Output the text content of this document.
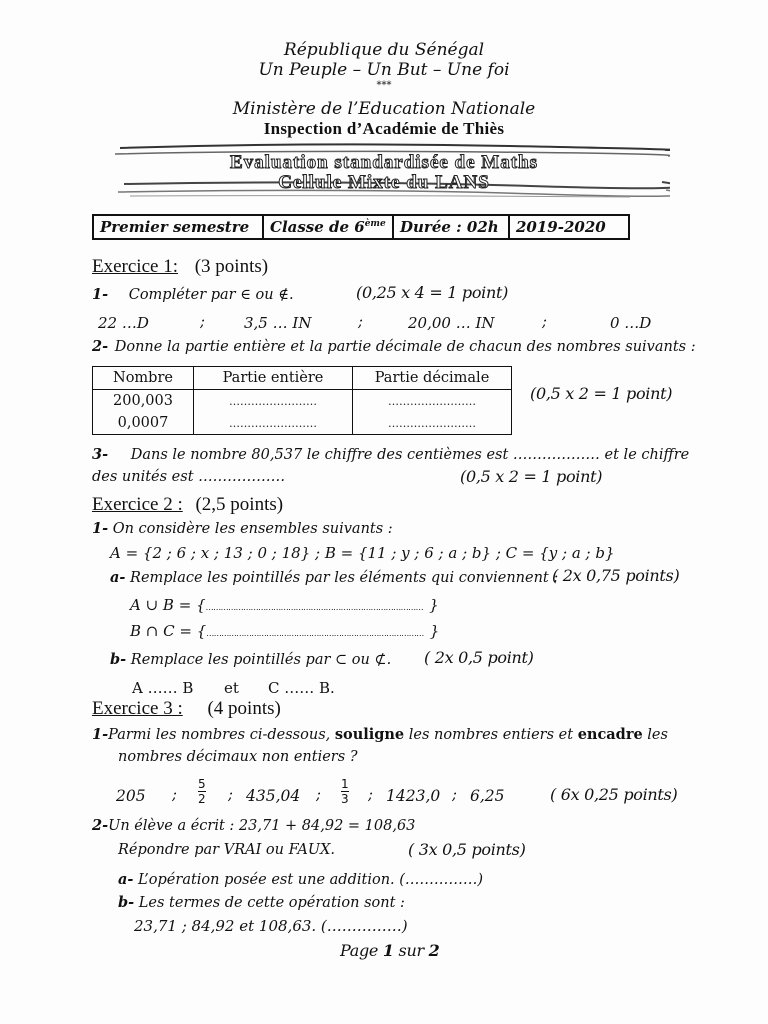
République du Sénégal
Un Peuple – Un But – Une foi
***
Ministère de l’Education Nationale
Inspection d’Académie de Thiès
Evaluation standardisée de Maths
Cellule Mixte du LANS
Premier semestre	Classe de 6ème	Durée : 02h	2019-2020
Exercice 1: (3 points)
1- Compléter par ∈ ou ∉.	(0,25 x 4 = 1 point)
22 …D	;	3,5 … IN	;	20,00 … IN	;	0 …D
2- Donne la partie entière et la partie décimale de chacun des nombres suivants :
Nombre	Partie entière	Partie décimale
200,003	……………………	……………………
0,0007	……………………	……………………
(0,5 x 2 = 1 point)
3- Dans le nombre 80,537 le chiffre des centièmes est ……………… et le chiffre
des unités est ………………	(0,5 x 2 = 1 point)
Exercice 2 : (2,5 points)
1- On considère les ensembles suivants :
A = {2 ; 6 ; x ; 13 ; 0 ; 18} ; B = {11 ; y ; 6 ; a ; b} ; C = {y ; a ; b}
a- Remplace les pointillés par les éléments qui conviennent :
( 2x 0,75 points)
A ∪ B = {…………………………………………………………………………… }
B ∩ C = {…………………………………………………………………………… }
b- Remplace les pointillés par ⊂ ou ⊄. ( 2x 0,5 point)
A …… B et C …… B.
Exercice 3 : (4 points)
1-Parmi les nombres ci-dessous, souligne les nombres entiers et encadre les
nombres décimaux non entiers ?
205 ; $\frac{5}{2}$ ; 435,04 ; $\frac{1}{3}$ ; 1423,0 ; 6,25	( 6x 0,25 points)
2-Un élève a écrit : 23,71 + 84,92 = 108,63
Répondre par VRAI ou FAUX.	( 3x 0,5 points)
a- L’opération posée est une addition. (……………)
b- Les termes de cette opération sont :
23,71 ; 84,92 et 108,63. (……………)
Page 1 sur 2
